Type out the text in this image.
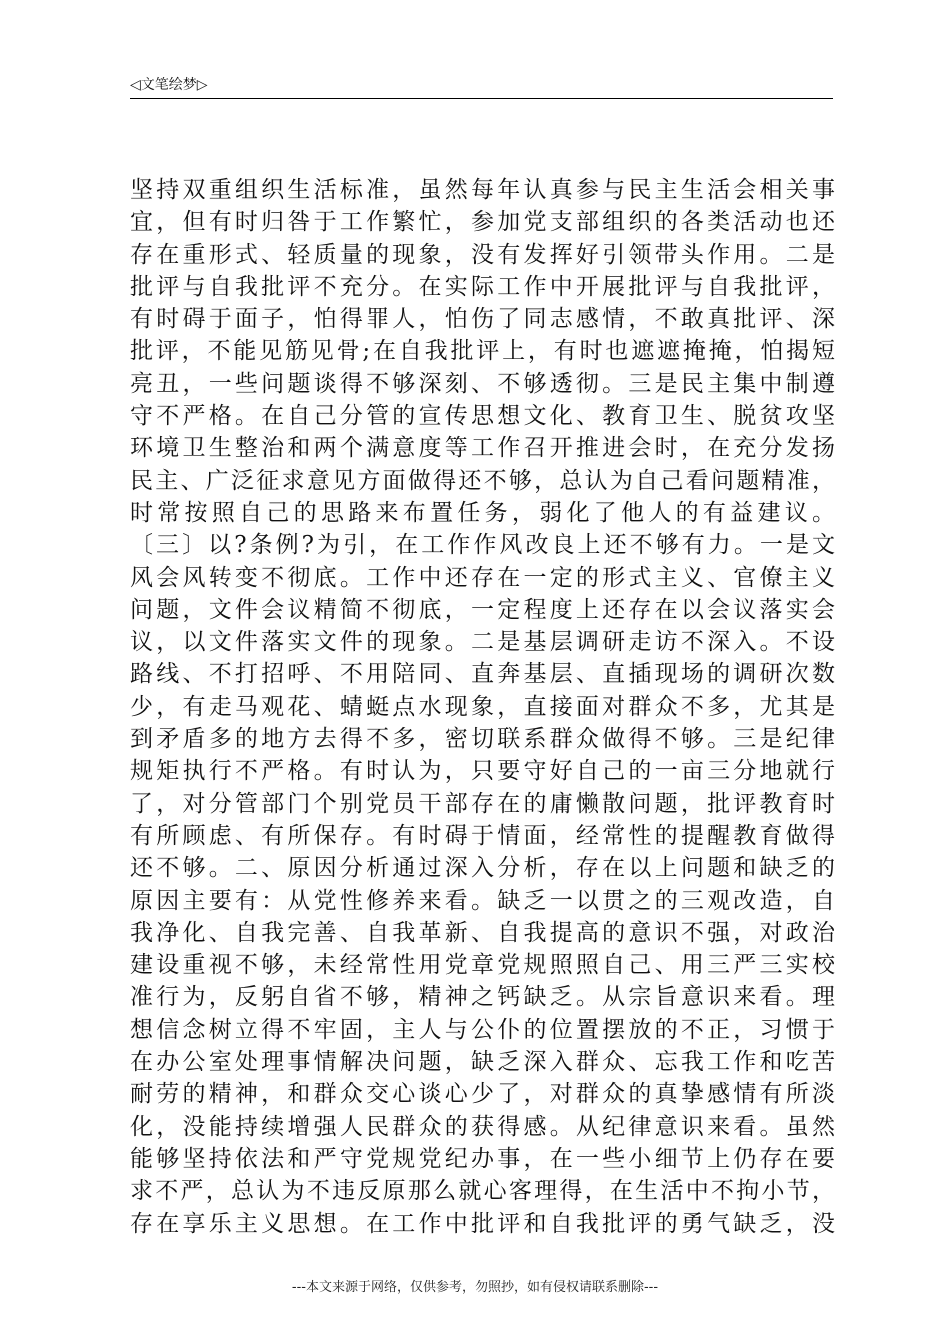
◁文笔绘梦▷
坚持双重组织生活标准，虽然每年认真参与民主生活会相关事
宜，但有时归咎于工作繁忙，参加党支部组织的各类活动也还
存在重形式、轻质量的现象，没有发挥好引领带头作用。二是
批评与自我批评不充分。在实际工作中开展批评与自我批评，
有时碍于面子，怕得罪人，怕伤了同志感情，不敢真批评、深
批评，不能见筋见骨;在自我批评上，有时也遮遮掩掩，怕揭短
亮丑，一些问题谈得不够深刻、不够透彻。三是民主集中制遵
守不严格。在自己分管的宣传思想文化、教育卫生、脱贫攻坚
环境卫生整治和两个满意度等工作召开推进会时，在充分发扬
民主、广泛征求意见方面做得还不够，总认为自己看问题精准，
时常按照自己的思路来布置任务，弱化了他人的有益建议。
〔三〕以?条例?为引，在工作作风改良上还不够有力。一是文
风会风转变不彻底。工作中还存在一定的形式主义、官僚主义
问题，文件会议精简不彻底，一定程度上还存在以会议落实会
议，以文件落实文件的现象。二是基层调研走访不深入。不设
路线、不打招呼、不用陪同、直奔基层、直插现场的调研次数
少，有走马观花、蜻蜓点水现象，直接面对群众不多，尤其是
到矛盾多的地方去得不多，密切联系群众做得不够。三是纪律
规矩执行不严格。有时认为，只要守好自己的一亩三分地就行
了，对分管部门个别党员干部存在的庸懒散问题，批评教育时
有所顾虑、有所保存。有时碍于情面，经常性的提醒教育做得
还不够。二、原因分析通过深入分析，存在以上问题和缺乏的
原因主要有：从党性修养来看。缺乏一以贯之的三观改造，自
我净化、自我完善、自我革新、自我提高的意识不强，对政治
建设重视不够，未经常性用党章党规照照自己、用三严三实校
准行为，反躬自省不够，精神之钙缺乏。从宗旨意识来看。理
想信念树立得不牢固，主人与公仆的位置摆放的不正，习惯于
在办公室处理事情解决问题，缺乏深入群众、忘我工作和吃苦
耐劳的精神，和群众交心谈心少了，对群众的真挚感情有所淡
化，没能持续增强人民群众的获得感。从纪律意识来看。虽然
能够坚持依法和严守党规党纪办事，在一些小细节上仍存在要
求不严，总认为不违反原那么就心客理得，在生活中不拘小节，
存在享乐主义思想。在工作中批评和自我批评的勇气缺乏，没
---本文来源于网络，仅供参考，勿照抄，如有侵权请联系删除---
